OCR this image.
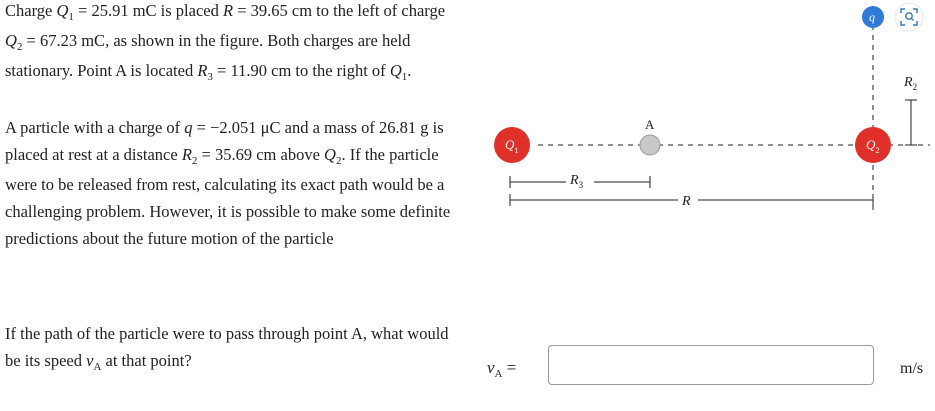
Charge $Q_1 = 25.91$ mC is placed R = 39.65 cm to the left of charge $Q_2 = 67.23$ mC, as shown in the figure. Both charges are held stationary. Point A is located $R_3 = 11.90$ cm to the right of $Q_1$.

A particle with a charge of q = −2.051 μC and a mass of 26.81 g is placed at rest at a distance $R_2 = 35.69$ cm above $Q_2$. If the particle were to be released from rest, calculating its exact path would be a challenging problem. However, it is possible to make some definite predictions about the future motion of the particle

If the path of the particle were to pass through point A, what would be its speed $v_A$ at that point?

$R_3$
R
$R_2$
$Q_1$
A
$Q_2$
q
$v_A$ =	m/s
